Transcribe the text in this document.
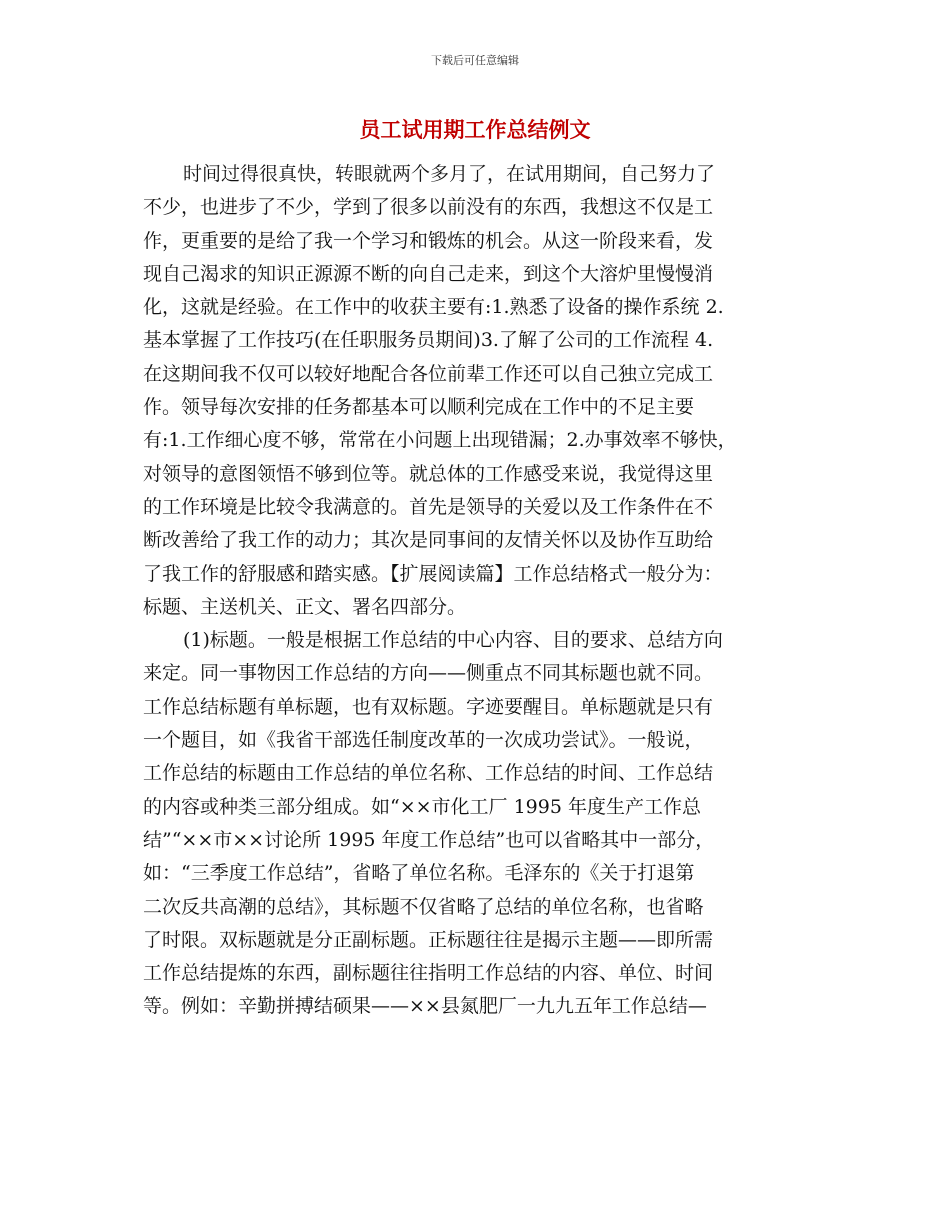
下载后可任意编辑
员工试用期工作总结例文
时间过得很真快，转眼就两个多月了，在试用期间，自己努力了
不少，也进步了不少，学到了很多以前没有的东西，我想这不仅是工
作，更重要的是给了我一个学习和锻炼的机会。从这一阶段来看，发
现自己渴求的知识正源源不断的向自己走来，到这个大溶炉里慢慢消
化，这就是经验。在工作中的收获主要有:1.熟悉了设备的操作系统 2.
基本掌握了工作技巧(在任职服务员期间)3.了解了公司的工作流程 4.
在这期间我不仅可以较好地配合各位前辈工作还可以自己独立完成工
作。领导每次安排的任务都基本可以顺利完成在工作中的不足主要
有:1.工作细心度不够，常常在小问题上出现错漏；2.办事效率不够快，
对领导的意图领悟不够到位等。就总体的工作感受来说，我觉得这里
的工作环境是比较令我满意的。首先是领导的关爱以及工作条件在不
断改善给了我工作的动力；其次是同事间的友情关怀以及协作互助给
了我工作的舒服感和踏实感。【扩展阅读篇】工作总结格式一般分为：
标题、主送机关、正文、署名四部分。
(1)标题。一般是根据工作总结的中心内容、目的要求、总结方向
来定。同一事物因工作总结的方向——侧重点不同其标题也就不同。
工作总结标题有单标题，也有双标题。字迹要醒目。单标题就是只有
一个题目，如《我省干部选任制度改革的一次成功尝试》。一般说，
工作总结的标题由工作总结的单位名称、工作总结的时间、工作总结
的内容或种类三部分组成。如“××市化工厂 1995 年度生产工作总
结”“××市××讨论所 1995 年度工作总结”也可以省略其中一部分，
如：“三季度工作总结”，省略了单位名称。毛泽东的《关于打退第
二次反共高潮的总结》，其标题不仅省略了总结的单位名称，也省略
了时限。双标题就是分正副标题。正标题往往是揭示主题——即所需
工作总结提炼的东西，副标题往往指明工作总结的内容、单位、时间
等。例如：辛勤拼搏结硕果——××县氮肥厂一九九五年工作总结—
